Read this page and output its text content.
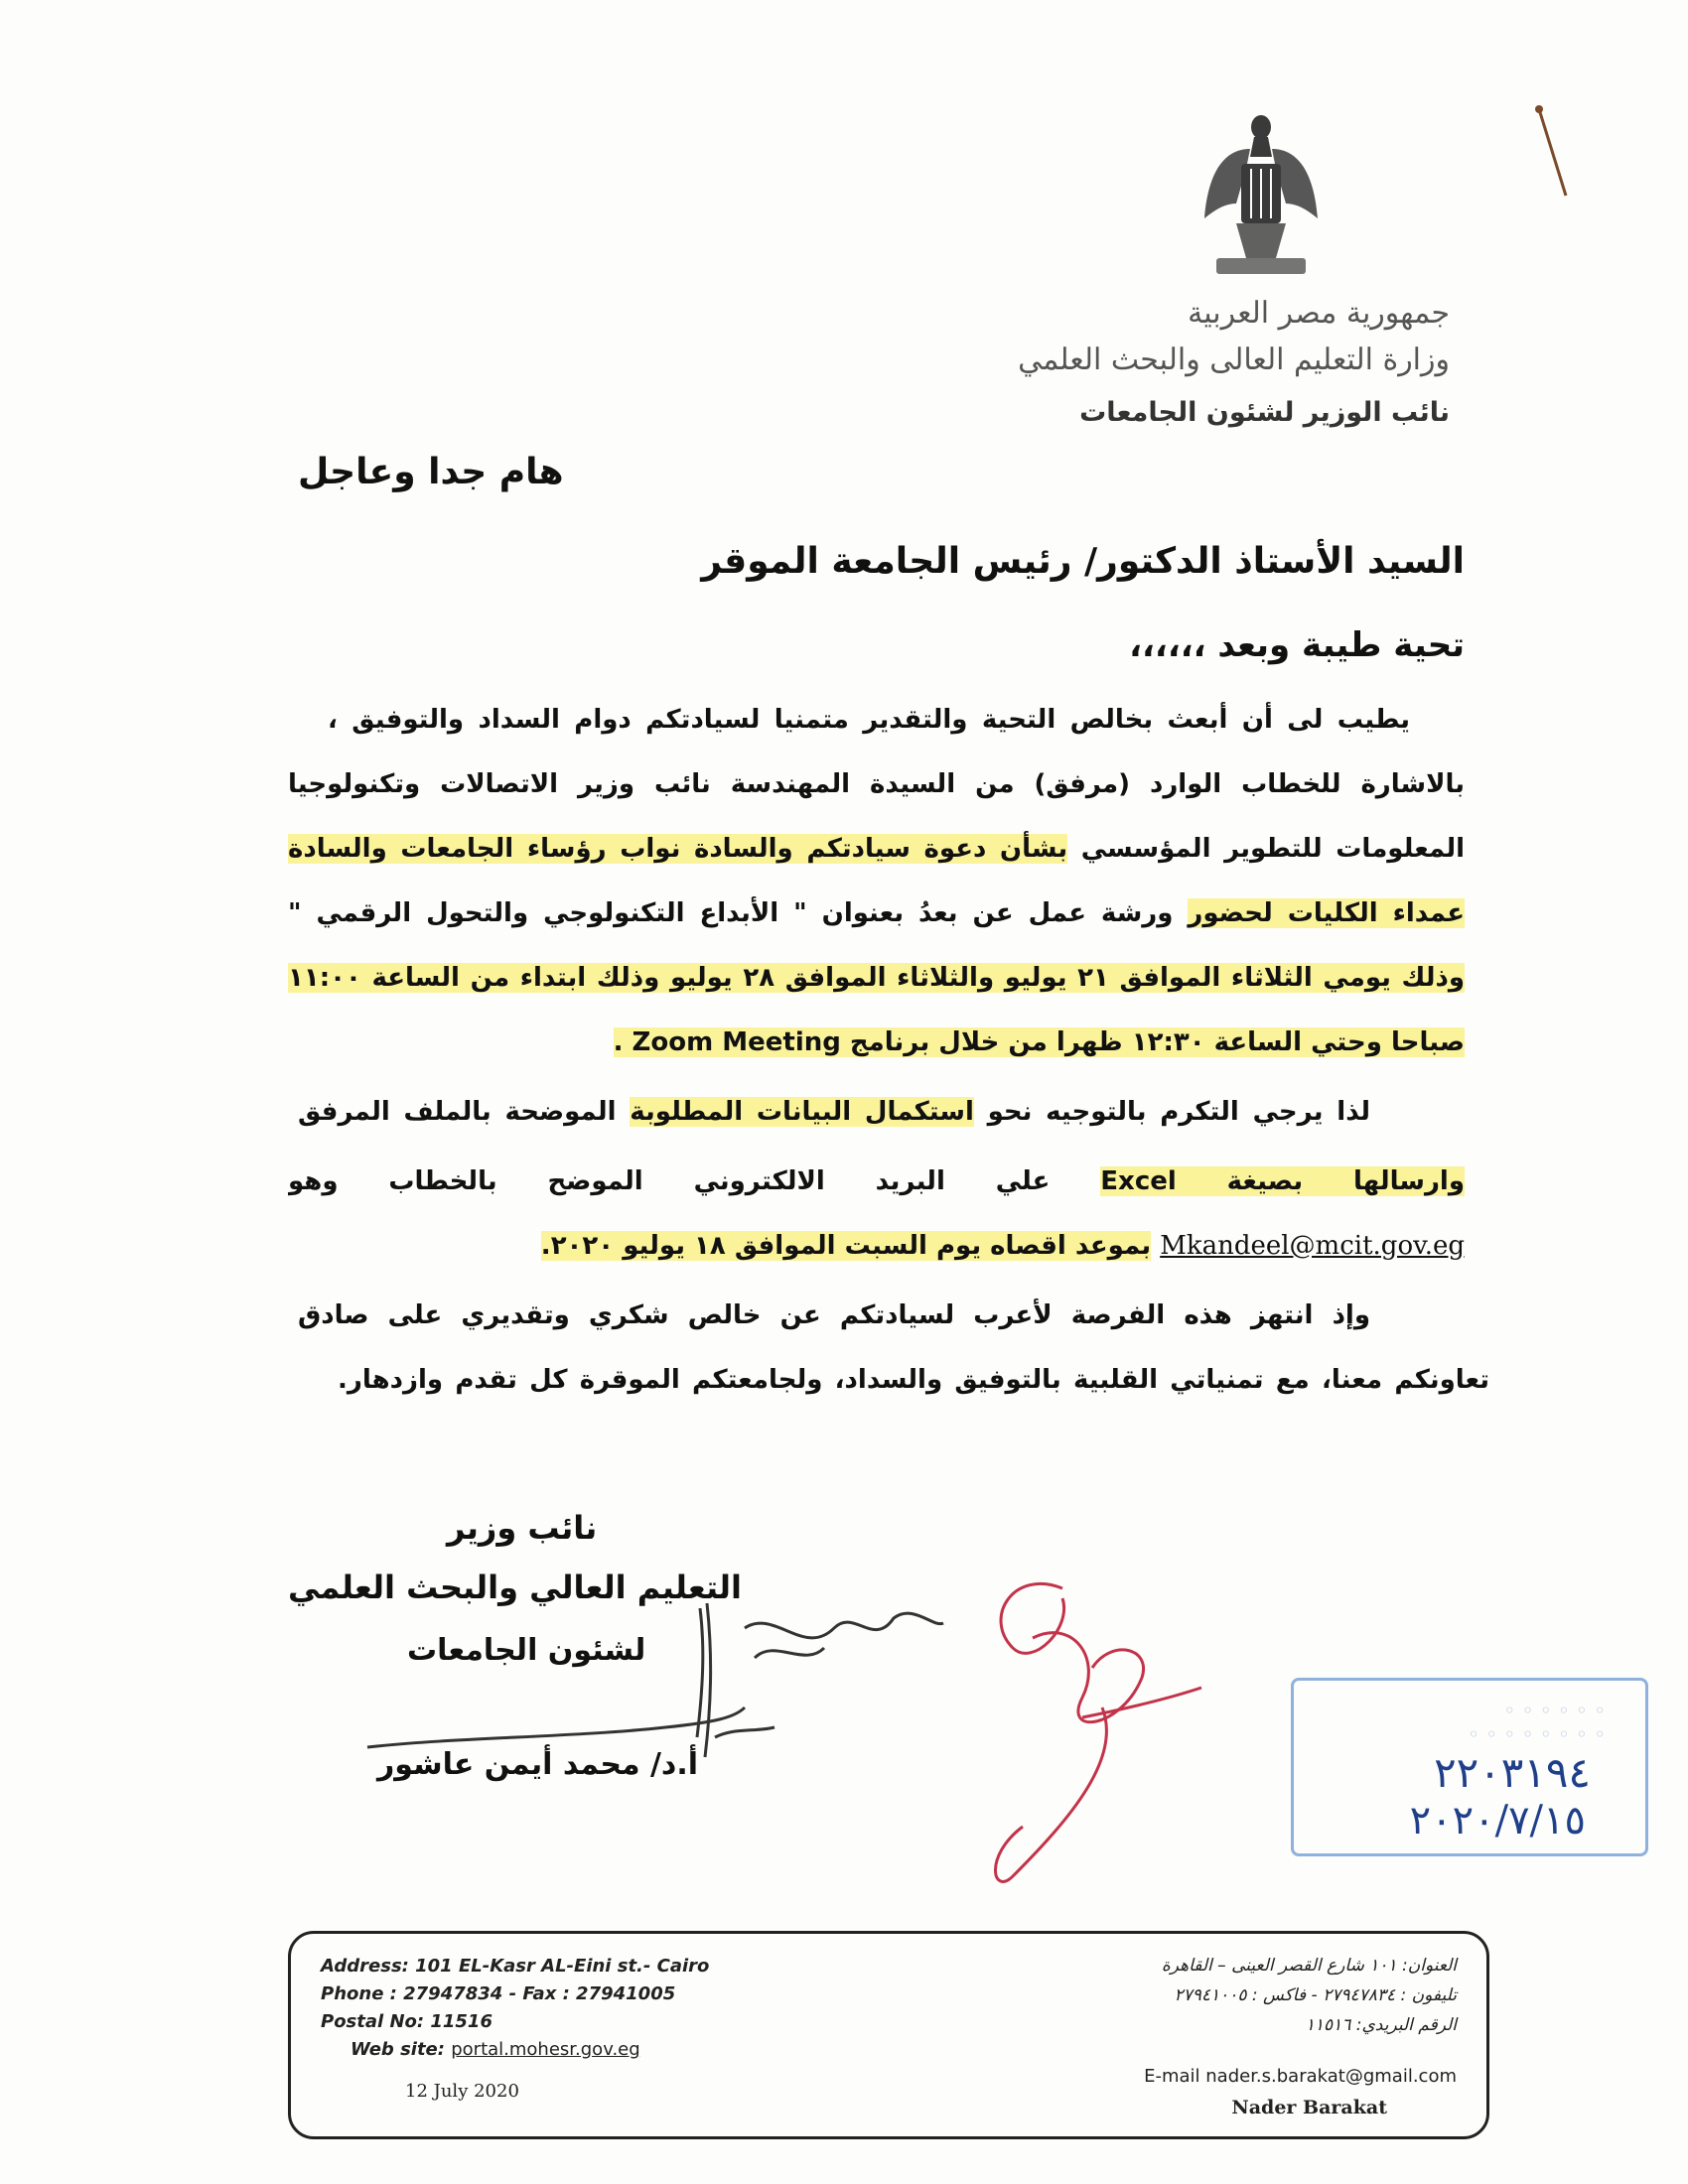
جمهورية مصر العربية
وزارة التعليم العالى والبحث العلمي
نائب الوزير لشئون الجامعات
هام جدا وعاجل
السيد الأستاذ الدكتور/ رئيس الجامعة الموقر
تحية طيبة وبعد ،،،،،،
يطيب لى أن أبعث بخالص التحية والتقدير متمنيا لسيادتكم دوام السداد والتوفيق ،
بالاشارة للخطاب الوارد (مرفق) من السيدة المهندسة نائب وزير الاتصالات وتكنولوجيا
المعلومات للتطوير المؤسسي بشأن دعوة سيادتكم والسادة نواب رؤساء الجامعات والسادة
عمداء الكليات لحضور ورشة عمل عن بعدُ بعنوان " الأبداع التكنولوجي والتحول الرقمي "
وذلك يومي الثلاثاء الموافق ٢١ يوليو والثلاثاء الموافق ٢٨ يوليو وذلك ابتداء من الساعة ١١:٠٠
صباحا وحتي الساعة ١٢:٣٠ ظهرا من خلال برنامج Zoom Meeting .
لذا يرجي التكرم بالتوجيه نحو استكمال البيانات المطلوبة الموضحة بالملف المرفق
وارسالها بصيغة Excel علي البريد الالكتروني الموضح بالخطاب وهو
Mkandeel@mcit.gov.eg بموعد اقصاه يوم السبت الموافق ١٨ يوليو ٢٠٢٠.
وإذ انتهز هذه الفرصة لأعرب لسيادتكم عن خالص شكري وتقديري على صادق
تعاونكم معنا، مع تمنياتي القلبية بالتوفيق والسداد، ولجامعتكم الموقرة كل تقدم وازدهار.
نائب وزير
التعليم العالي والبحث العلمي
لشئون الجامعات
أ.د/ محمد أيمن عاشور
◦ ◦ ◦ ◦ ◦ ◦
◦ ◦ ◦ ◦ ◦ ◦ ◦ ◦
٢٢٠٣١٩٤
٢٠٢٠/٧/١٥
Address: 101 EL-Kasr AL-Eini st.- Cairo
Phone : 27947834 - Fax : 27941005
Postal No: 11516
Web site: portal.mohesr.gov.eg
12 July 2020
العنوان: ١٠١ شارع القصر العينى – القاهرة
تليفون : ٢٧٩٤٧٨٣٤ - فاكس : ٢٧٩٤١٠٠٥
الرقم البريدي: ١١٥١٦
E-mail nader.s.barakat@gmail.com
Nader Barakat
